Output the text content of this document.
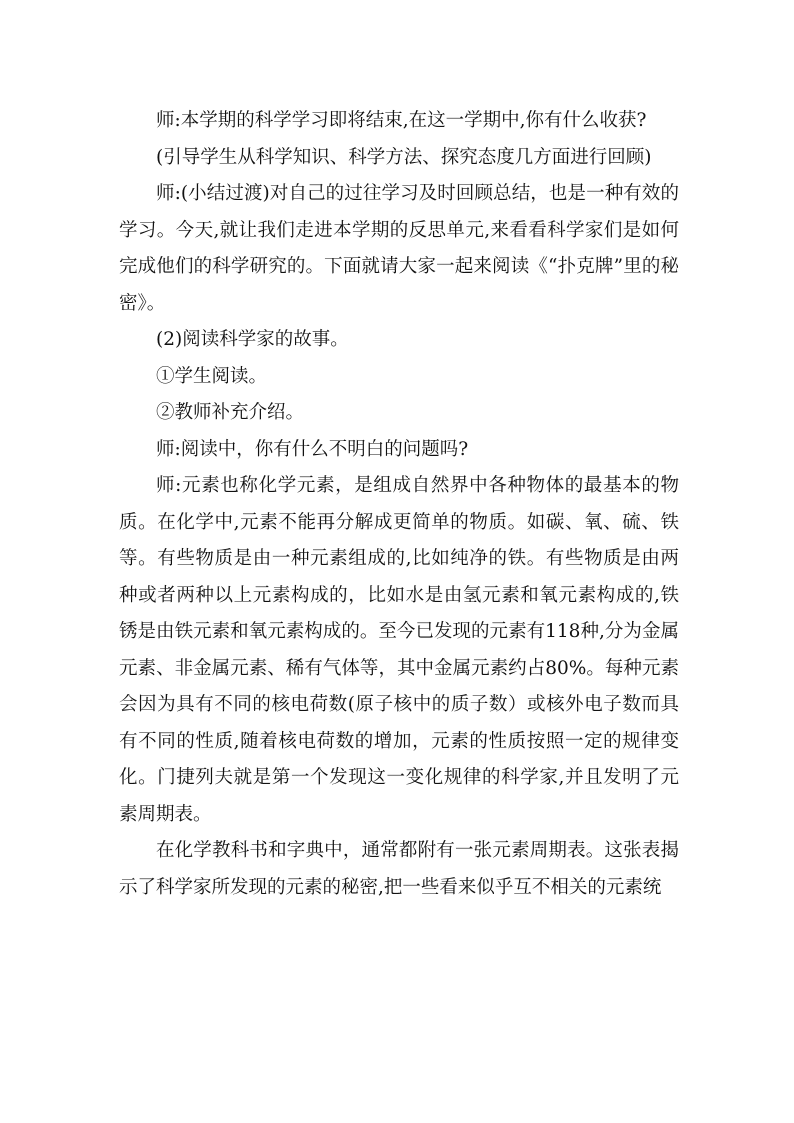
师:本学期的科学学习即将结束,在这一学期中,你有什么收获?

(引导学生从科学知识、科学方法、探究态度几方面进行回顾)

师:(小结过渡)对自己的过往学习及时回顾总结，也是一种有效的学习。今天,就让我们走进本学期的反思单元,来看看科学家们是如何完成他们的科学研究的。下面就请大家一起来阅读《“扑克牌”里的秘密》。

(2)阅读科学家的故事。

①学生阅读。

②教师补充介绍。

师:阅读中，你有什么不明白的问题吗?

师:元素也称化学元素，是组成自然界中各种物体的最基本的物质。在化学中,元素不能再分解成更简单的物质。如碳、氧、硫、铁等。有些物质是由一种元素组成的,比如纯净的铁。有些物质是由两种或者两种以上元素构成的，比如水是由氢元素和氧元素构成的,铁锈是由铁元素和氧元素构成的。至今已发现的元素有118种,分为金属元素、非金属元素、稀有气体等，其中金属元素约占80%。每种元素会因为具有不同的核电荷数(原子核中的质子数）或核外电子数而具有不同的性质,随着核电荷数的增加，元素的性质按照一定的规律变化。门捷列夫就是第一个发现这一变化规律的科学家,并且发明了元素周期表。

在化学教科书和字典中，通常都附有一张元素周期表。这张表揭示了科学家所发现的元素的秘密,把一些看来似乎互不相关的元素统
